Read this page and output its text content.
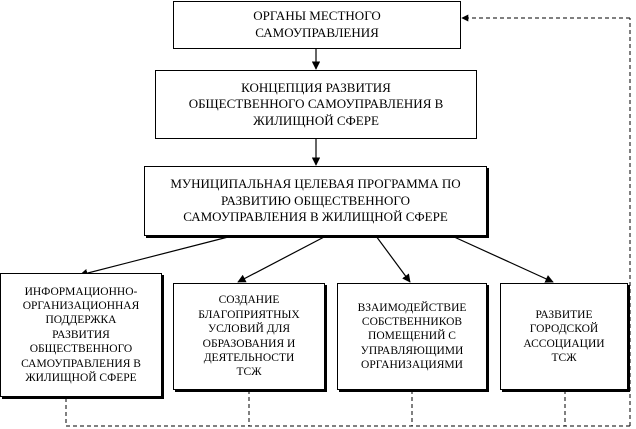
ОРГАНЫ МЕСТНОГО
САМОУПРАВЛЕНИЯ
КОНЦЕПЦИЯ РАЗВИТИЯ
ОБЩЕСТВЕННОГО САМОУПРАВЛЕНИЯ В
ЖИЛИЩНОЙ СФЕРЕ
МУНИЦИПАЛЬНАЯ ЦЕЛЕВАЯ ПРОГРАММА ПО
РАЗВИТИЮ ОБЩЕСТВЕННОГО
САМОУПРАВЛЕНИЯ В ЖИЛИЩНОЙ СФЕРЕ
ИНФОРМАЦИОННО-
ОРГАНИЗАЦИОННАЯ
ПОДДЕРЖКА
РАЗВИТИЯ
ОБЩЕСТВЕННОГО
САМОУПРАВЛЕНИЯ В
ЖИЛИЩНОЙ СФЕРЕ
СОЗДАНИЕ
БЛАГОПРИЯТНЫХ
УСЛОВИЙ ДЛЯ
ОБРАЗОВАНИЯ И
ДЕЯТЕЛЬНОСТИ
ТСЖ
ВЗАИМОДЕЙСТВИЕ
СОБСТВЕННИКОВ
ПОМЕЩЕНИЙ С
УПРАВЛЯЮЩИМИ
ОРГАНИЗАЦИЯМИ
РАЗВИТИЕ
ГОРОДСКОЙ
АССОЦИАЦИИ
ТСЖ
